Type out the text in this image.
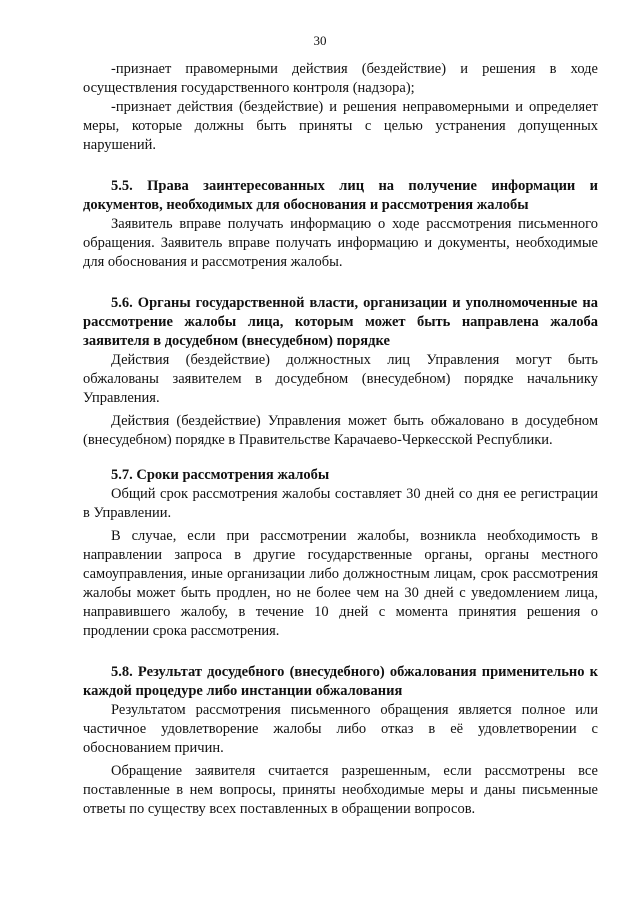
30

-признает правомерными действия (бездействие) и решения в ходе осуществления государственного контроля (надзора);

-признает действия (бездействие) и решения неправомерными и определяет меры, которые должны быть приняты с целью устранения допущенных нарушений.

5.5. Права заинтересованных лиц на получение информации и документов, необходимых для обоснования и рассмотрения жалобы

Заявитель вправе получать информацию о ходе рассмотрения письменного обращения. Заявитель вправе получать информацию и документы, необходимые для обоснования и рассмотрения жалобы.

5.6. Органы государственной власти, организации и уполномоченные на рассмотрение жалобы лица, которым может быть направлена жалоба заявителя в досудебном (внесудебном) порядке

Действия (бездействие) должностных лиц Управления могут быть обжалованы заявителем в досудебном (внесудебном) порядке начальнику Управления.

Действия (бездействие) Управления может быть обжаловано в досудебном (внесудебном) порядке в Правительстве Карачаево-Черкесской Республики.

5.7. Сроки рассмотрения жалобы

Общий срок рассмотрения жалобы составляет 30 дней со дня ее регистрации в Управлении.

В случае, если при рассмотрении жалобы, возникла необходимость в направлении запроса в другие государственные органы, органы местного самоуправления, иные организации либо должностным лицам, срок рассмотрения жалобы может быть продлен, но не более чем на 30 дней с уведомлением лица, направившего жалобу, в течение 10 дней с момента принятия решения о продлении срока рассмотрения.

5.8. Результат досудебного (внесудебного) обжалования применительно к каждой процедуре либо инстанции обжалования

Результатом рассмотрения письменного обращения является полное или частичное удовлетворение жалобы либо отказ в её удовлетворении с обоснованием причин.

Обращение заявителя считается разрешенным, если рассмотрены все поставленные в нем вопросы, приняты необходимые меры и даны письменные ответы по существу всех поставленных в обращении вопросов.
